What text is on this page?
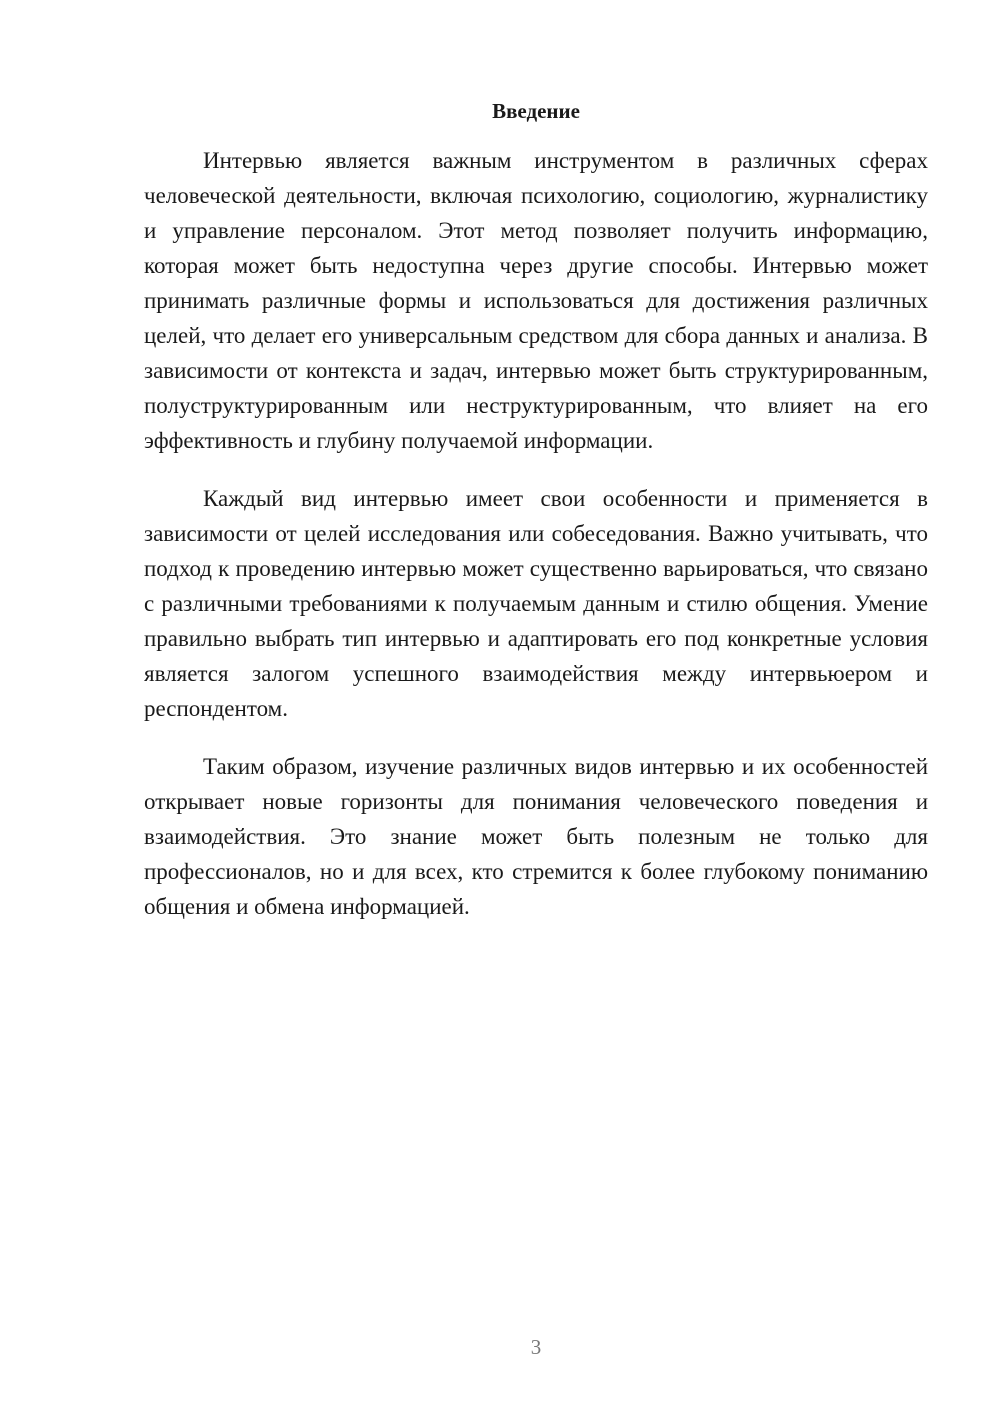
Введение

Интервью является важным инструментом в различных сферах человеческой деятельности, включая психологию, социологию, журналистику и управление персоналом. Этот метод позволяет получить информацию, которая может быть недоступна через другие способы. Интервью может принимать различные формы и использоваться для достижения различных целей, что делает его универсальным средством для сбора данных и анализа. В зависимости от контекста и задач, интервью может быть структурированным, полуструктурированным или неструктурированным, что влияет на его эффективность и глубину получаемой информации.

Каждый вид интервью имеет свои особенности и применяется в зависимости от целей исследования или собеседования. Важно учитывать, что подход к проведению интервью может существенно варьироваться, что связано с различными требованиями к получаемым данным и стилю общения. Умение правильно выбрать тип интервью и адаптировать его под конкретные условия является залогом успешного взаимодействия между интервьюером и респондентом.

Таким образом, изучение различных видов интервью и их особенностей открывает новые горизонты для понимания человеческого поведения и взаимодействия. Это знание может быть полезным не только для профессионалов, но и для всех, кто стремится к более глубокому пониманию общения и обмена информацией.

3
